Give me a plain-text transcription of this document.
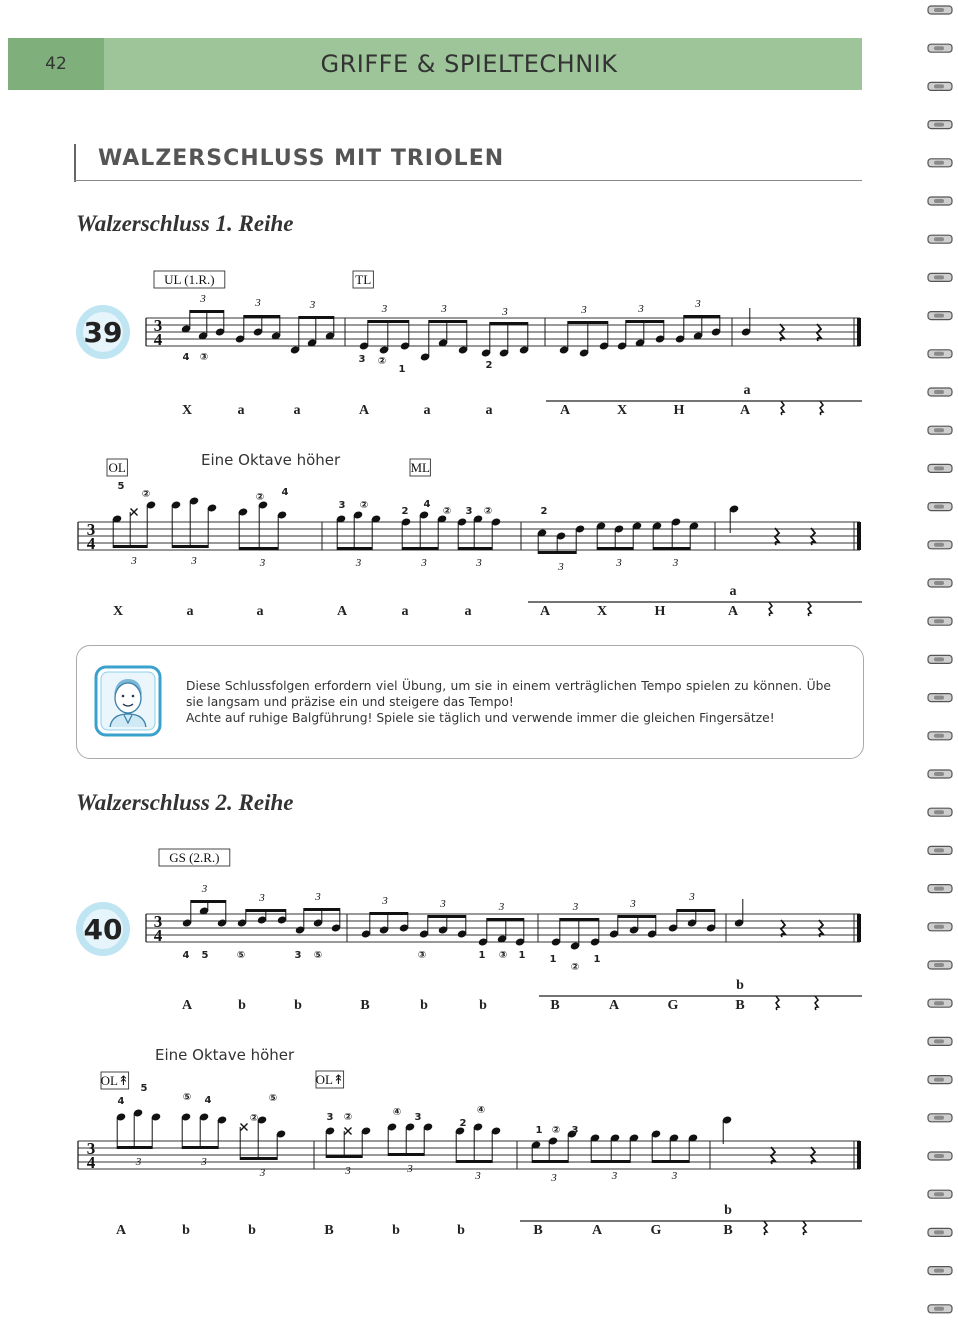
42	GRIFFE & SPIELTECHNIK
WALZERSCHLUSS MIT TRIOLEN
Walzerschluss 1. Reihe
Walzerschluss 2. Reihe
39 3
4
UL (1.R.)	TL
3	3	3	3	3	3	3	3	3
4 ③	3 ②
1	2
X	a	a	A	a	a	A	X	H	A
a
Eine Oktave höher
OL	ML
3
4
3	3	3	3	3	3	3	3	3
5
②	② 4
3 ②
2
4
② 3 ②	2
X	a	a	A	a	a	A	X	H	A
a
40 3
4
GS (2.R.)
3
3	3	3	3	3	3	3
3
4 5	⑤	3 ⑤	③	1 ③ 1 1
②
1
A	b	b	B	b	b	B	A	G	B
b
Eine Oktave höher
OL↟	OL↟
3
4	3	3
3	3	3
3	3	3	3
4
5
⑤ 4	⑤
②	3 ②	④ 3
2
④
1 ② 3
A	b	b	B	b	b	B	A	G	B
b
Diese Schlussfolgen erfordern viel Übung, um sie in einem verträglichen Tempo spielen zu können. Übe sie langsam und präzise ein und steigere das Tempo!
Achte auf ruhige Balgführung! Spiele sie täglich und verwende immer die gleichen Fingersätze!
